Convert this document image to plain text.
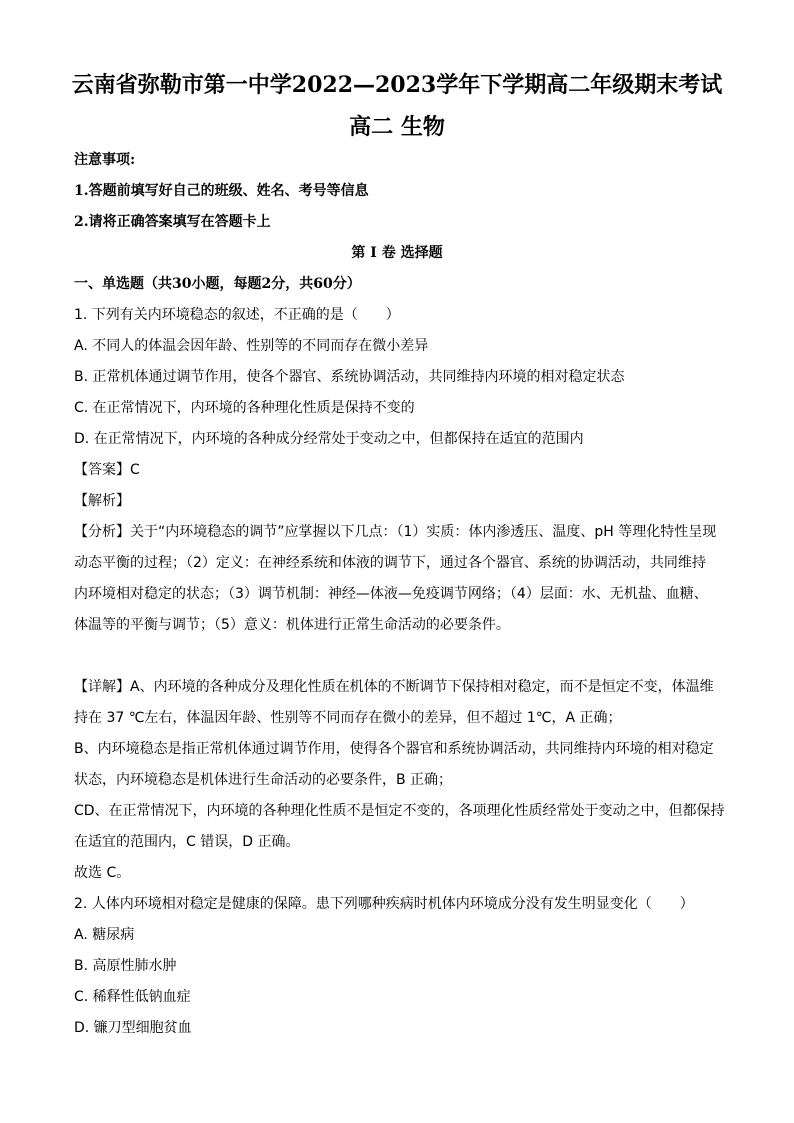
云南省弥勒市第一中学2022—2023学年下学期高二年级期末考试
高二 生物
注意事项:
1.答题前填写好自己的班级、姓名、考号等信息
2.请将正确答案填写在答题卡上
第 I 卷 选择题
一、单选题（共30小题，每题2分，共60分）
1. 下列有关内环境稳态的叙述，不正确的是（　　）
A. 不同人的体温会因年龄、性别等的不同而存在微小差异
B. 正常机体通过调节作用，使各个器官、系统协调活动，共同维持内环境的相对稳定状态
C. 在正常情况下，内环境的各种理化性质是保持不变的
D. 在正常情况下，内环境的各种成分经常处于变动之中，但都保持在适宜的范围内
【答案】C
【解析】
【分析】关于“内环境稳态的调节”应掌握以下几点：（1）实质：体内渗透压、温度、pH 等理化特性呈现
动态平衡的过程；（2）定义：在神经系统和体液的调节下，通过各个器官、系统的协调活动，共同维持
内环境相对稳定的状态；（3）调节机制：神经—体液—免疫调节网络；（4）层面：水、无机盐、血糖、
体温等的平衡与调节；（5）意义：机体进行正常生命活动的必要条件。
【详解】A、内环境的各种成分及理化性质在机体的不断调节下保持相对稳定，而不是恒定不变，体温维
持在 37 ℃左右，体温因年龄、性别等不同而存在微小的差异，但不超过 1℃，A 正确；
B、内环境稳态是指正常机体通过调节作用，使得各个器官和系统协调活动，共同维持内环境的相对稳定
状态，内环境稳态是机体进行生命活动的必要条件，B 正确；
CD、在正常情况下，内环境的各种理化性质不是恒定不变的，各项理化性质经常处于变动之中，但都保持
在适宜的范围内，C 错误，D 正确。
故选 C。
2. 人体内环境相对稳定是健康的保障。患下列哪种疾病时机体内环境成分没有发生明显变化（　　）
A. 糖尿病
B. 高原性肺水肿
C. 稀释性低钠血症
D. 镰刀型细胞贫血
